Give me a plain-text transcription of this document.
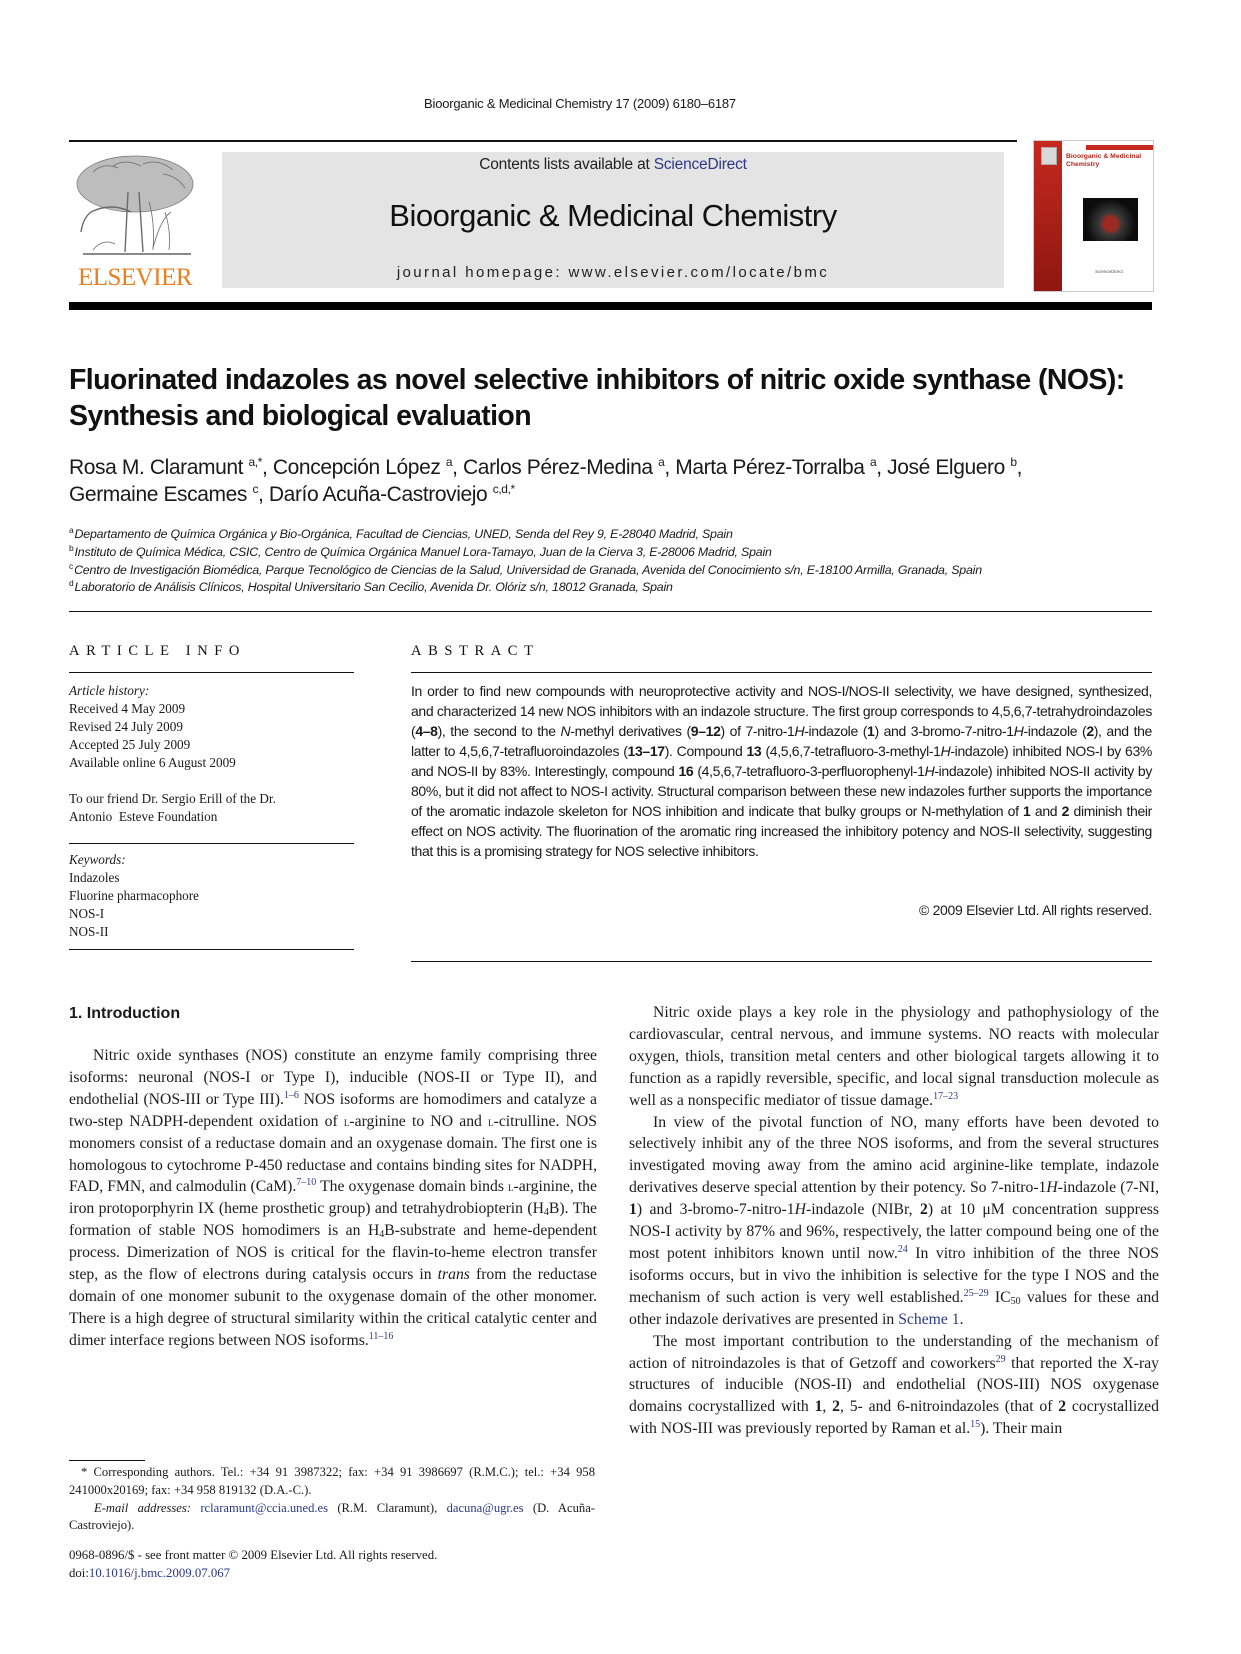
Bioorganic & Medicinal Chemistry 17 (2009) 6180–6187
ELSEVIER
Contents lists available at ScienceDirect
Bioorganic & Medicinal Chemistry
journal homepage: www.elsevier.com/locate/bmc
Bioorganic & Medicinal Chemistry
ScienceDirect
Fluorinated indazoles as novel selective inhibitors of nitric oxide synthase (NOS): Synthesis and biological evaluation
Rosa M. Claramunt $^{a,*}$, Concepción López $^a$, Carlos Pérez-Medina $^a$, Marta Pérez-Torralba $^a$, José Elguero $^b$,
Germaine Escames $^c$, Darío Acuña-Castroviejo $^{c,d,*}$
$^a$Departamento de Química Orgánica y Bio-Orgánica, Facultad de Ciencias, UNED, Senda del Rey 9, E-28040 Madrid, Spain
$^b$Instituto de Química Médica, CSIC, Centro de Química Orgánica Manuel Lora-Tamayo, Juan de la Cierva 3, E-28006 Madrid, Spain
$^c$Centro de Investigación Biomédica, Parque Tecnológico de Ciencias de la Salud, Universidad de Granada, Avenida del Conocimiento s/n, E-18100 Armilla, Granada, Spain
$^d$Laboratorio de Análisis Clínicos, Hospital Universitario San Cecilio, Avenida Dr. Olóriz s/n, 18012 Granada, Spain
ARTICLE INFO
Article history:
Received 4 May 2009
Revised 24 July 2009
Accepted 25 July 2009
Available online 6 August 2009
To our friend Dr. Sergio Erill of the Dr.
Antonio  Esteve Foundation
Keywords:
Indazoles
Fluorine pharmacophore
NOS-I
NOS-II
ABSTRACT
In order to find new compounds with neuroprotective activity and NOS-I/NOS-II selectivity, we have designed, synthesized, and characterized 14 new NOS inhibitors with an indazole structure. The first group corresponds to 4,5,6,7-tetrahydroindazoles (4–8), the second to the N-methyl derivatives (9–12) of 7-nitro-1H-indazole (1) and 3-bromo-7-nitro-1H-indazole (2), and the latter to 4,5,6,7-tetrafluoroindazoles (13–17). Compound 13 (4,5,6,7-tetrafluoro-3-methyl-1H-indazole) inhibited NOS-I by 63% and NOS-II by 83%. Interestingly, compound 16 (4,5,6,7-tetrafluoro-3-perfluorophenyl-1H-indazole) inhibited NOS-II activity by 80%, but it did not affect to NOS-I activity. Structural comparison between these new indazoles further supports the importance of the aromatic indazole skeleton for NOS inhibition and indicate that bulky groups or N-methylation of 1 and 2 diminish their effect on NOS activity. The fluorination of the aromatic ring increased the inhibitory potency and NOS-II selectivity, suggesting that this is a promising strategy for NOS selective inhibitors.
© 2009 Elsevier Ltd. All rights reserved.
1. Introduction

Nitric oxide synthases (NOS) constitute an enzyme family comprising three isoforms: neuronal (NOS-I or Type I), inducible (NOS-II or Type II), and endothelial (NOS-III or Type III).$^{1-6}$ NOS isoforms are homodimers and catalyze a two-step NADPH-dependent oxidation of l-arginine to NO and l-citrulline. NOS monomers consist of a reductase domain and an oxygenase domain. The first one is homologous to cytochrome P-450 reductase and contains binding sites for NADPH, FAD, FMN, and calmodulin (CaM).$^{7-10}$ The oxygenase domain binds l-arginine, the iron protoporphyrin IX (heme prosthetic group) and tetrahydrobiopterin $(H_4B)$. The formation of stable NOS homodimers is an $H_4B$-substrate and heme-dependent process. Dimerization of NOS is critical for the flavin-to-heme electron transfer step, as the flow of electrons during catalysis occurs in trans from the reductase domain of one monomer subunit to the oxygenase domain of the other monomer. There is a high degree of structural similarity within the critical catalytic center and dimer interface regions between NOS isoforms.$^{11-16}$

Nitric oxide plays a key role in the physiology and pathophysiology of the cardiovascular, central nervous, and immune systems. NO reacts with molecular oxygen, thiols, transition metal centers and other biological targets allowing it to function as a rapidly reversible, specific, and local signal transduction molecule as well as a nonspecific mediator of tissue damage.$^{17-23}$

In view of the pivotal function of NO, many efforts have been devoted to selectively inhibit any of the three NOS isoforms, and from the several structures investigated moving away from the amino acid arginine-like template, indazole derivatives deserve special attention by their potency. So 7-nitro-1H-indazole (7-NI, 1) and 3-bromo-7-nitro-1H-indazole (NIBr, 2) at 10 μM concentration suppress NOS-I activity by 87% and 96%, respectively, the latter compound being one of the most potent inhibitors known until now.$^{24}$ In vitro inhibition of the three NOS isoforms occurs, but in vivo the inhibition is selective for the type I NOS and the mechanism of such action is very well established.$^{25-29}$ $IC_{50}$ values for these and other indazole derivatives are presented in Scheme 1.

The most important contribution to the understanding of the mechanism of action of nitroindazoles is that of Getzoff and coworkers$^{29}$ that reported the X-ray structures of inducible (NOS-II) and endothelial (NOS-III) NOS oxygenase domains cocrystallized with 1, 2, 5- and 6-nitroindazoles (that of 2 cocrystallized with NOS-III was previously reported by Raman et al.$^{15}$). Their main

* Corresponding authors. Tel.: +34 91 3987322; fax: +34 91 3986697 (R.M.C.); tel.: +34 958 241000x20169; fax: +34 958 819132 (D.A.-C.).
E-mail addresses: rclaramunt@ccia.uned.es (R.M. Claramunt), dacuna@ugr.es (D. Acuña-Castroviejo).
0968-0896/$ - see front matter © 2009 Elsevier Ltd. All rights reserved.
doi:10.1016/j.bmc.2009.07.067
